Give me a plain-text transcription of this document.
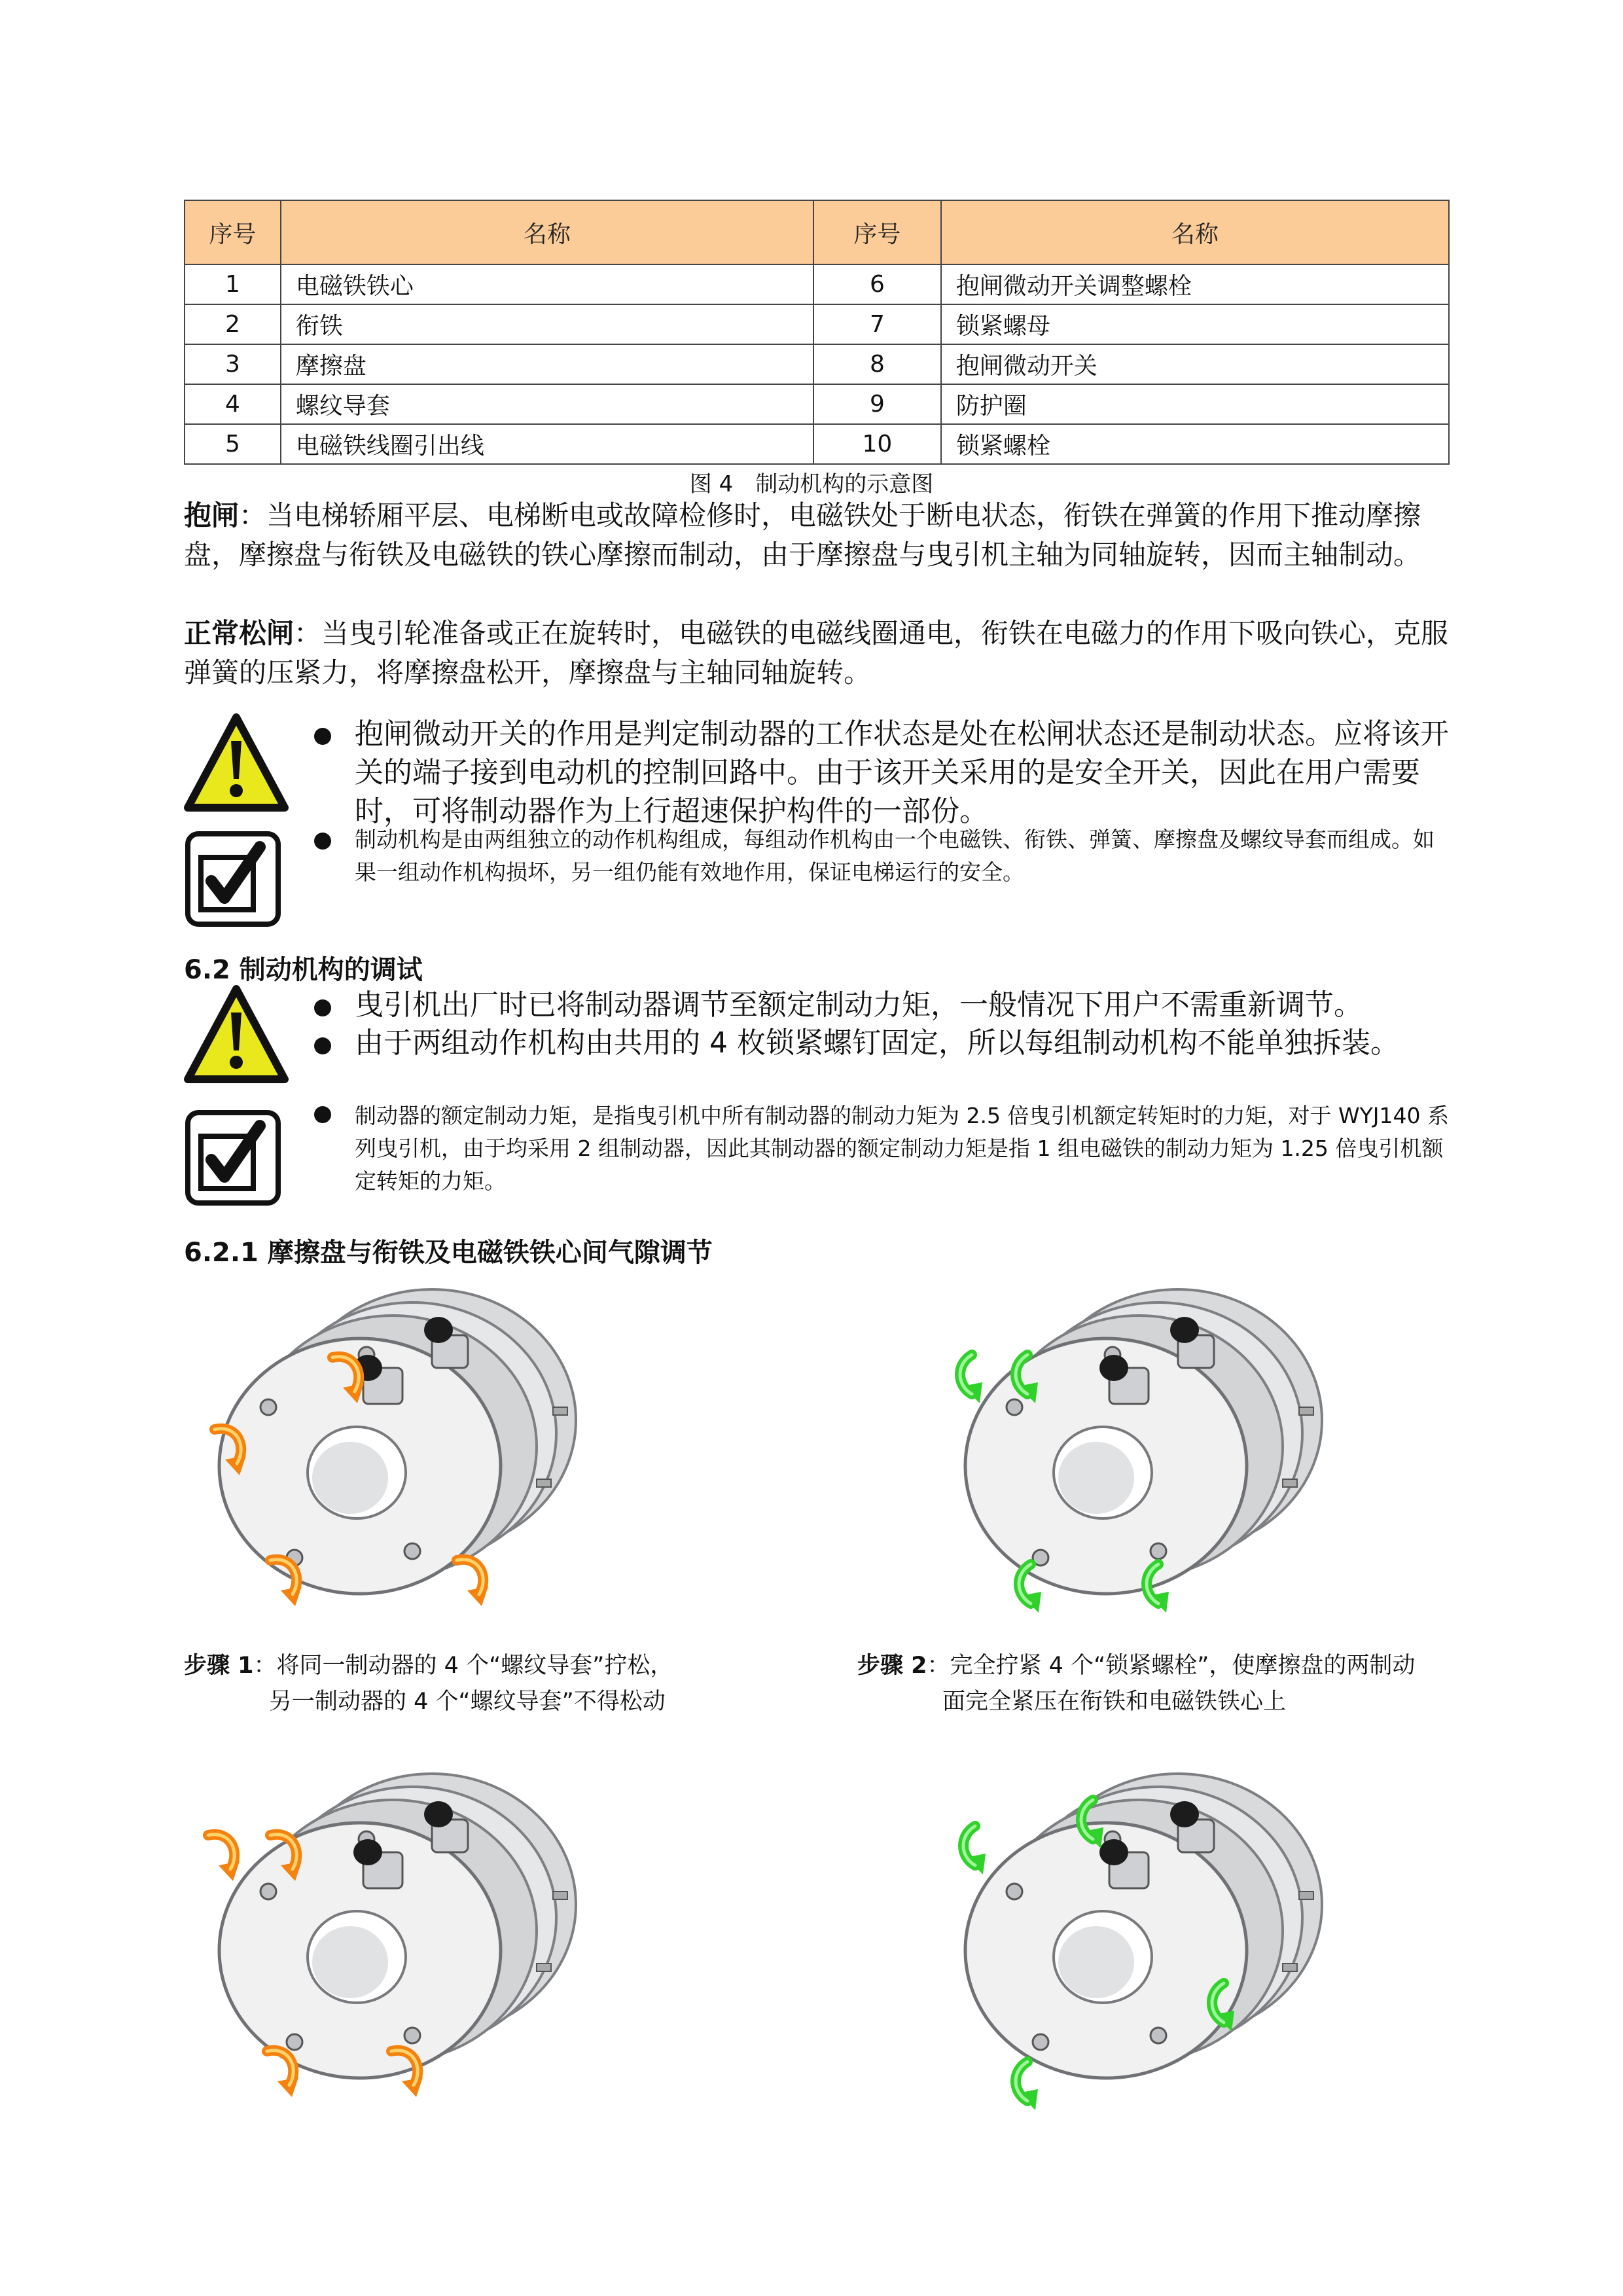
序号	名称	序号	名称
1	电磁铁铁心	6	抱闸微动开关调整螺栓
2	衔铁	7	锁紧螺母
3	摩擦盘	8	抱闸微动开关
4	螺纹导套	9	防护圈
5	电磁铁线圈引出线	10	锁紧螺栓
图 4　制动机构的示意图
抱闸：当电梯轿厢平层、电梯断电或故障检修时，电磁铁处于断电状态，衔铁在弹簧的作用下推动摩擦盘，摩擦盘与衔铁及电磁铁的铁心摩擦而制动，由于摩擦盘与曳引机主轴为同轴旋转，因而主轴制动。
正常松闸：当曳引轮准备或正在旋转时，电磁铁的电磁线圈通电，衔铁在电磁力的作用下吸向铁心，克服弹簧的压紧力，将摩擦盘松开，摩擦盘与主轴同轴旋转。
抱闸微动开关的作用是判定制动器的工作状态是处在松闸状态还是制动状态。应将该开关的端子接到电动机的控制回路中。由于该开关采用的是安全开关，因此在用户需要时，可将制动器作为上行超速保护构件的一部份。
制动机构是由两组独立的动作机构组成，每组动作机构由一个电磁铁、衔铁、弹簧、摩擦盘及螺纹导套而组成。如果一组动作机构损坏，另一组仍能有效地作用，保证电梯运行的安全。
6.2 制动机构的调试
曳引机出厂时已将制动器调节至额定制动力矩，一般情况下用户不需重新调节。
由于两组动作机构由共用的 4 枚锁紧螺钉固定，所以每组制动机构不能单独拆装。
制动器的额定制动力矩，是指曳引机中所有制动器的制动力矩为 2.5 倍曳引机额定转矩时的力矩，对于 WYJ140 系列曳引机，由于均采用 2 组制动器，因此其制动器的额定制动力矩是指 1 组电磁铁的制动力矩为 1.25 倍曳引机额定转矩的力矩。
6.2.1 摩擦盘与衔铁及电磁铁铁心间气隙调节
步骤 1：将同一制动器的 4 个“螺纹导套”拧松，
另一制动器的 4 个“螺纹导套”不得松动
步骤 2：完全拧紧 4 个“锁紧螺栓”，使摩擦盘的两制动
面完全紧压在衔铁和电磁铁铁心上
